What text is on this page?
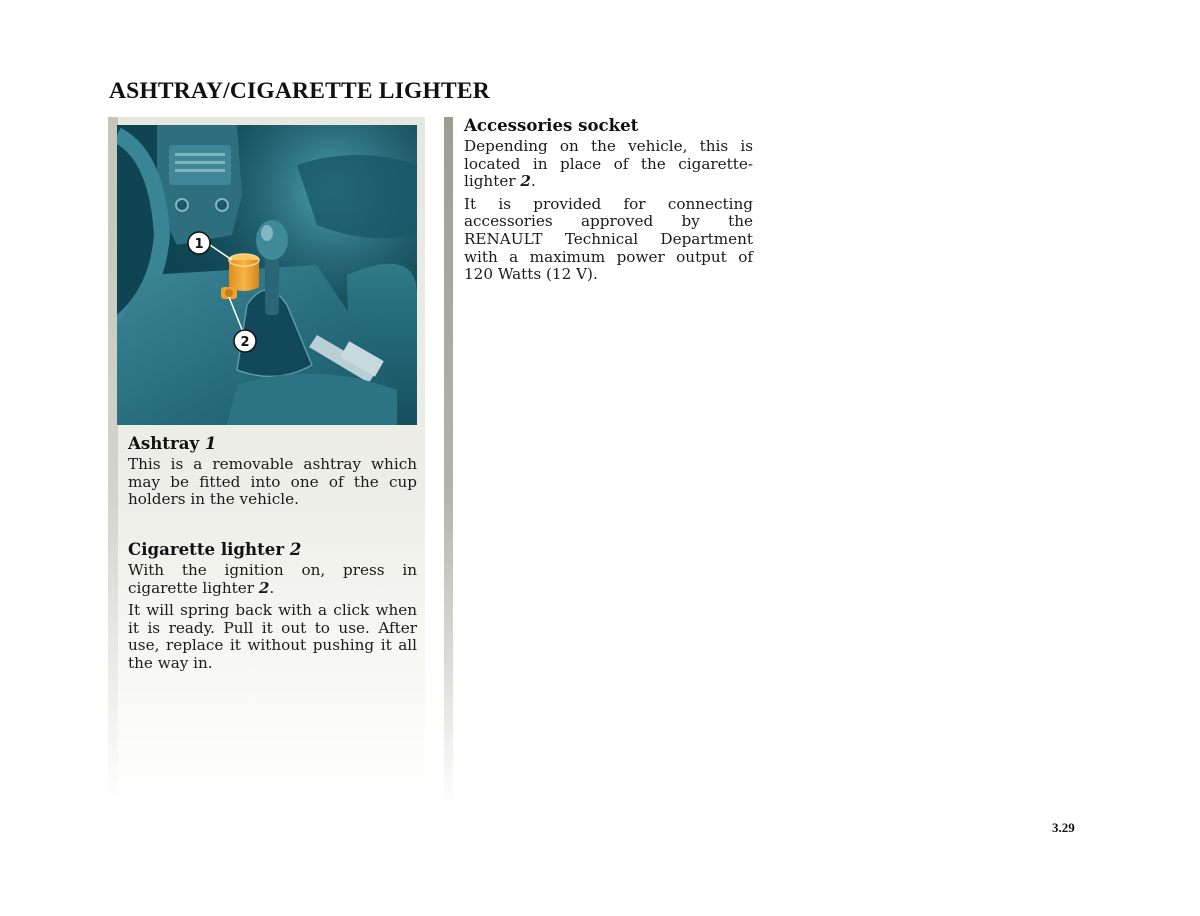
ASHTRAY/CIGARETTE LIGHTER
1
2
Ashtray 1

This is a removable ashtray which may be fitted into one of the cup holders in the vehicle.

Cigarette lighter 2

With the ignition on, press in cigarette lighter 2.

It will spring back with a click when it is ready. Pull it out to use. After use, replace it without pushing it all the way in.

Accessories socket

Depending on the vehicle, this is located in place of the cigarette-lighter 2.

It is provided for connecting accessories approved by the RENAULT Technical Department with a maximum power output of 120 Watts (12 V).

3.29
